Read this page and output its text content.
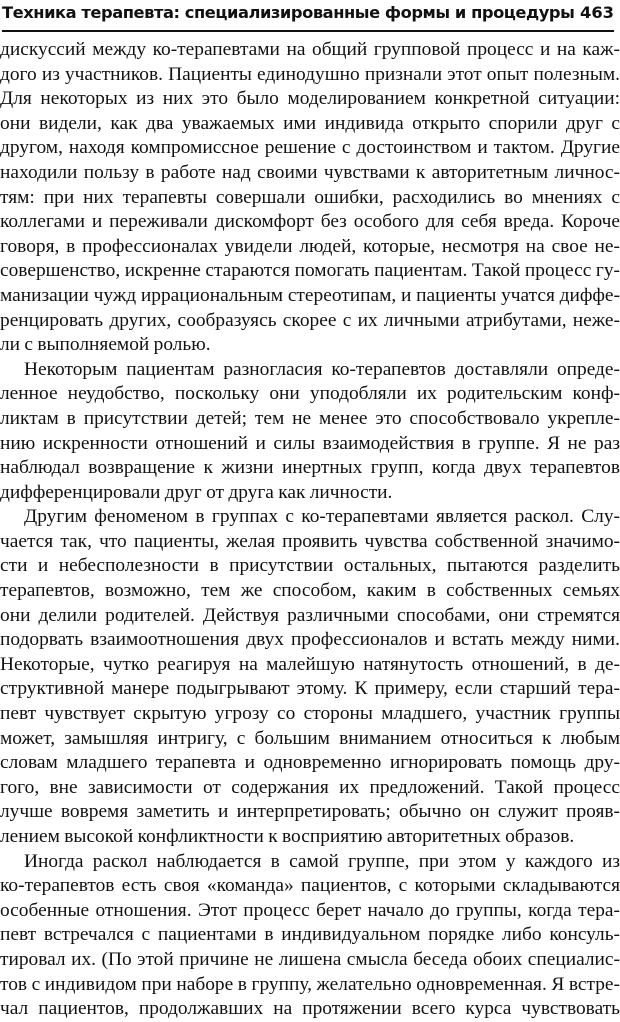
Техника терапевта: специализированные формы и процедуры 463
дискуссий между ко-терапевтами на общий групповой процесс и на каж-
дого из участников. Пациенты единодушно признали этот опыт полезным.
Для некоторых из них это было моделированием конкретной ситуации:
они видели, как два уважаемых ими индивида открыто спорили друг с
другом, находя компромиссное решение с достоинством и тактом. Другие
находили пользу в работе над своими чувствами к авторитетным личнос-
тям: при них терапевты совершали ошибки, расходились во мнениях с
коллегами и переживали дискомфорт без особого для себя вреда. Короче
говоря, в профессионалах увидели людей, которые, несмотря на свое не-
совершенство, искренне стараются помогать пациентам. Такой процесс гу-
манизации чужд иррациональным стереотипам, и пациенты учатся диффе-
ренцировать других, сообразуясь скорее с их личными атрибутами, неже-
ли с выполняемой ролью.
Некоторым пациентам разногласия ко-терапевтов доставляли опреде-
ленное неудобство, поскольку они уподобляли их родительским конф-
ликтам в присутствии детей; тем не менее это способствовало укрепле-
нию искренности отношений и силы взаимодействия в группе. Я не раз
наблюдал возвращение к жизни инертных групп, когда двух терапевтов
дифференцировали друг от друга как личности.
Другим феноменом в группах с ко-терапевтами является раскол. Слу-
чается так, что пациенты, желая проявить чувства собственной значимо-
сти и небесполезности в присутствии остальных, пытаются разделить
терапевтов, возможно, тем же способом, каким в собственных семьях
они делили родителей. Действуя различными способами, они стремятся
подорвать взаимоотношения двух профессионалов и встать между ними.
Некоторые, чутко реагируя на малейшую натянутость отношений, в де-
структивной манере подыгрывают этому. К примеру, если старший тера-
певт чувствует скрытую угрозу со стороны младшего, участник группы
может, замышляя интригу, с большим вниманием относиться к любым
словам младшего терапевта и одновременно игнорировать помощь дру-
гого, вне зависимости от содержания их предложений. Такой процесс
лучше вовремя заметить и интерпретировать; обычно он служит прояв-
лением высокой конфликтности к восприятию авторитетных образов.
Иногда раскол наблюдается в самой группе, при этом у каждого из
ко-терапевтов есть своя «команда» пациентов, с которыми складываются
особенные отношения. Этот процесс берет начало до группы, когда тера-
певт встречался с пациентами в индивидуальном порядке либо консуль-
тировал их. (По этой причине не лишена смысла беседа обоих специалис-
тов с индивидом при наборе в группу, желательно одновременная. Я встре-
чал пациентов, продолжавших на протяжении всего курса чувствовать
